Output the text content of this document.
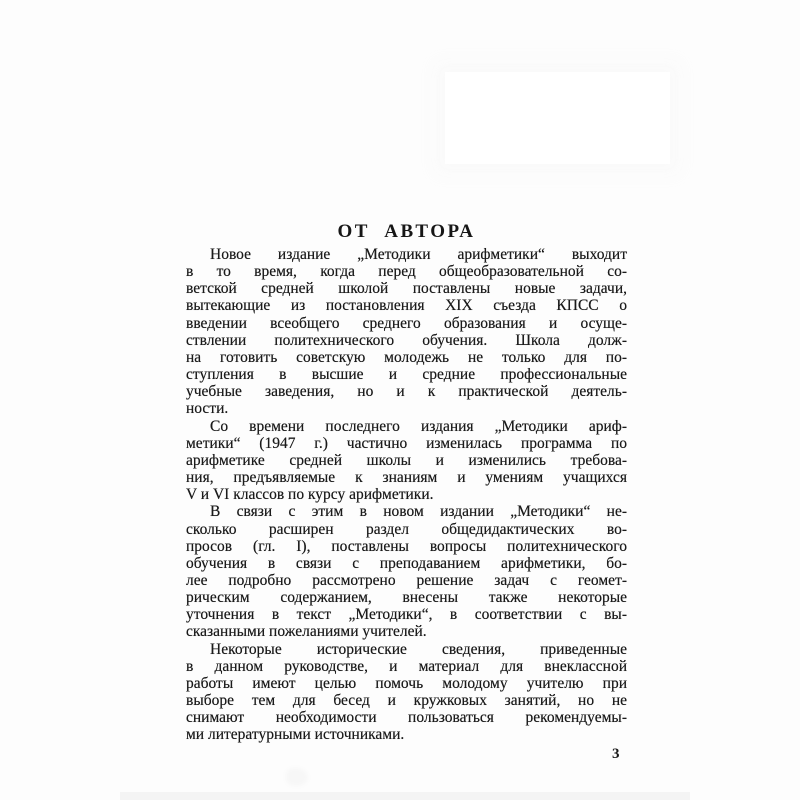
ОТ АВТОРА
Новое издание „Методики арифметики“ выходит
в то время, когда перед общеобразовательной со-
ветской средней школой поставлены новые задачи,
вытекающие из постановления XIX съезда КПСС о
введении всеобщего среднего образования и осуще-
ствлении политехнического обучения. Школа долж-
на готовить советскую молодежь не только для по-
ступления в высшие и средние профессиональные
учебные заведения, но и к практической деятель-
ности.
Со времени последнего издания „Методики ариф-
метики“ (1947 г.) частично изменилась программа по
арифметике средней школы и изменились требова-
ния, предъявляемые к знаниям и умениям учащихся
V и VI классов по курсу арифметики.
В связи с этим в новом издании „Методики“ не-
сколько расширен раздел общедидактических во-
просов (гл. I), поставлены вопросы политехнического
обучения в связи с преподаванием арифметики, бо-
лее подробно рассмотрено решение задач с геомет-
рическим содержанием, внесены также некоторые
уточнения в текст „Методики“, в соответствии с вы-
сказанными пожеланиями учителей.
Некоторые исторические сведения, приведенные
в данном руководстве, и материал для внеклассной
работы имеют целью помочь молодому учителю при
выборе тем для бесед и кружковых занятий, но не
снимают необходимости пользоваться рекомендуемы-
ми литературными источниками.
3
